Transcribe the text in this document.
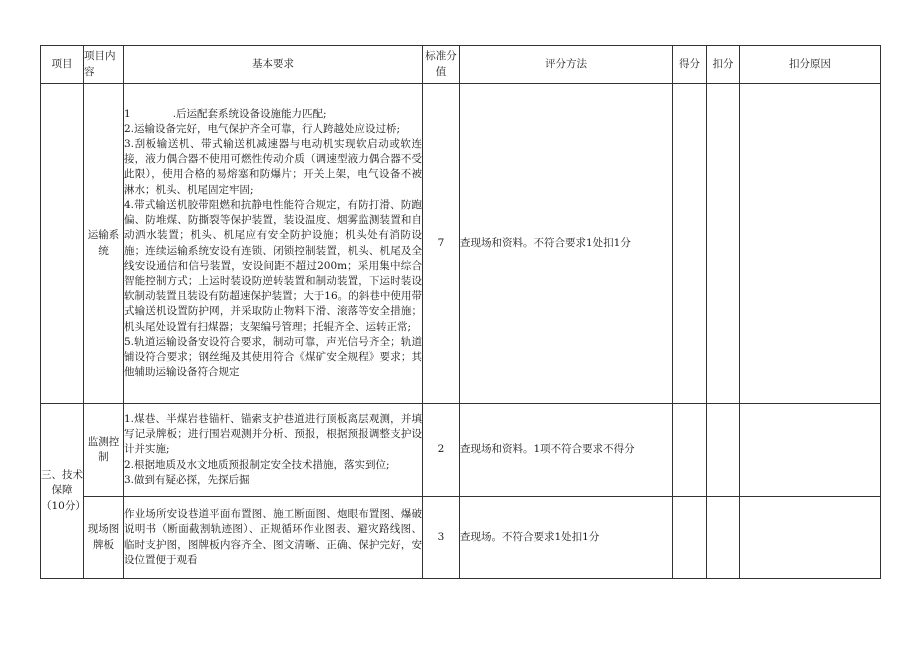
项目	项目内容	基本要求	标准分值	评分方法	得分	扣分	扣分原因
	运输系统	1 .后运配套系统设备设施能力匹配;
2.运输设备完好，电气保护齐全可靠，行人跨越处应设过桥;
3.刮板输送机、带式输送机减速器与电动机实现软启动或软连接，液力偶合器不使用可燃性传动介质（调速型液力偶合器不受此限），使用合格的易熔塞和防爆片；开关上架，电气设备不被淋水；机头、机尾固定牢固;
4.带式输送机胶带阻燃和抗静电性能符合规定，有防打滑、防跑偏、防堆煤、防撕裂等保护装置，装设温度、烟雾监测装置和自动洒水装置；机头、机尾应有安全防护设施；机头处有消防设施；连续运输系统安设有连锁、闭锁控制装置，机头、机尾及全线安设通信和信号装置，安设间距不超过200m；采用集中综合智能控制方式；上运时装设防逆转装置和制动装置，下运时装设软制动装置且装设有防超速保护装置；大于16。的斜巷中使用带式输送机设置防护网，并采取防止物料下滑、滚落等安全措施；机头尾处设置有扫煤器；支架编号管理；托辊齐全、运转正常;
5.轨道运输设备安设符合要求，制动可靠，声光信号齐全；轨道铺设符合要求；钢丝绳及其使用符合《煤矿安全规程》要求；其他辅助运输设备符合规定	7	查现场和资料。不符合要求1处扣1分			
三、技术保障（10分）	监测控制	1.煤巷、半煤岩巷锚杆、锚索支护巷道进行顶板离层观测，并填写记录牌板；进行围岩观测并分析、预报，根据预报调整支护设计并实施;
2.根据地质及水文地质预报制定安全技术措施，落实到位;
3.做到有疑必探，先探后掘	2	查现场和资料。1项不符合要求不得分			
	现场图牌板	作业场所安设巷道平面布置图、施工断面图、炮眼布置图、爆破说明书（断面截割轨迹图）、正规循环作业图表、避灾路线图、临时支护图，图牌板内容齐全、图文清晰、正确、保护完好，安设位置便于观看	3	查现场。不符合要求1处扣1分			
